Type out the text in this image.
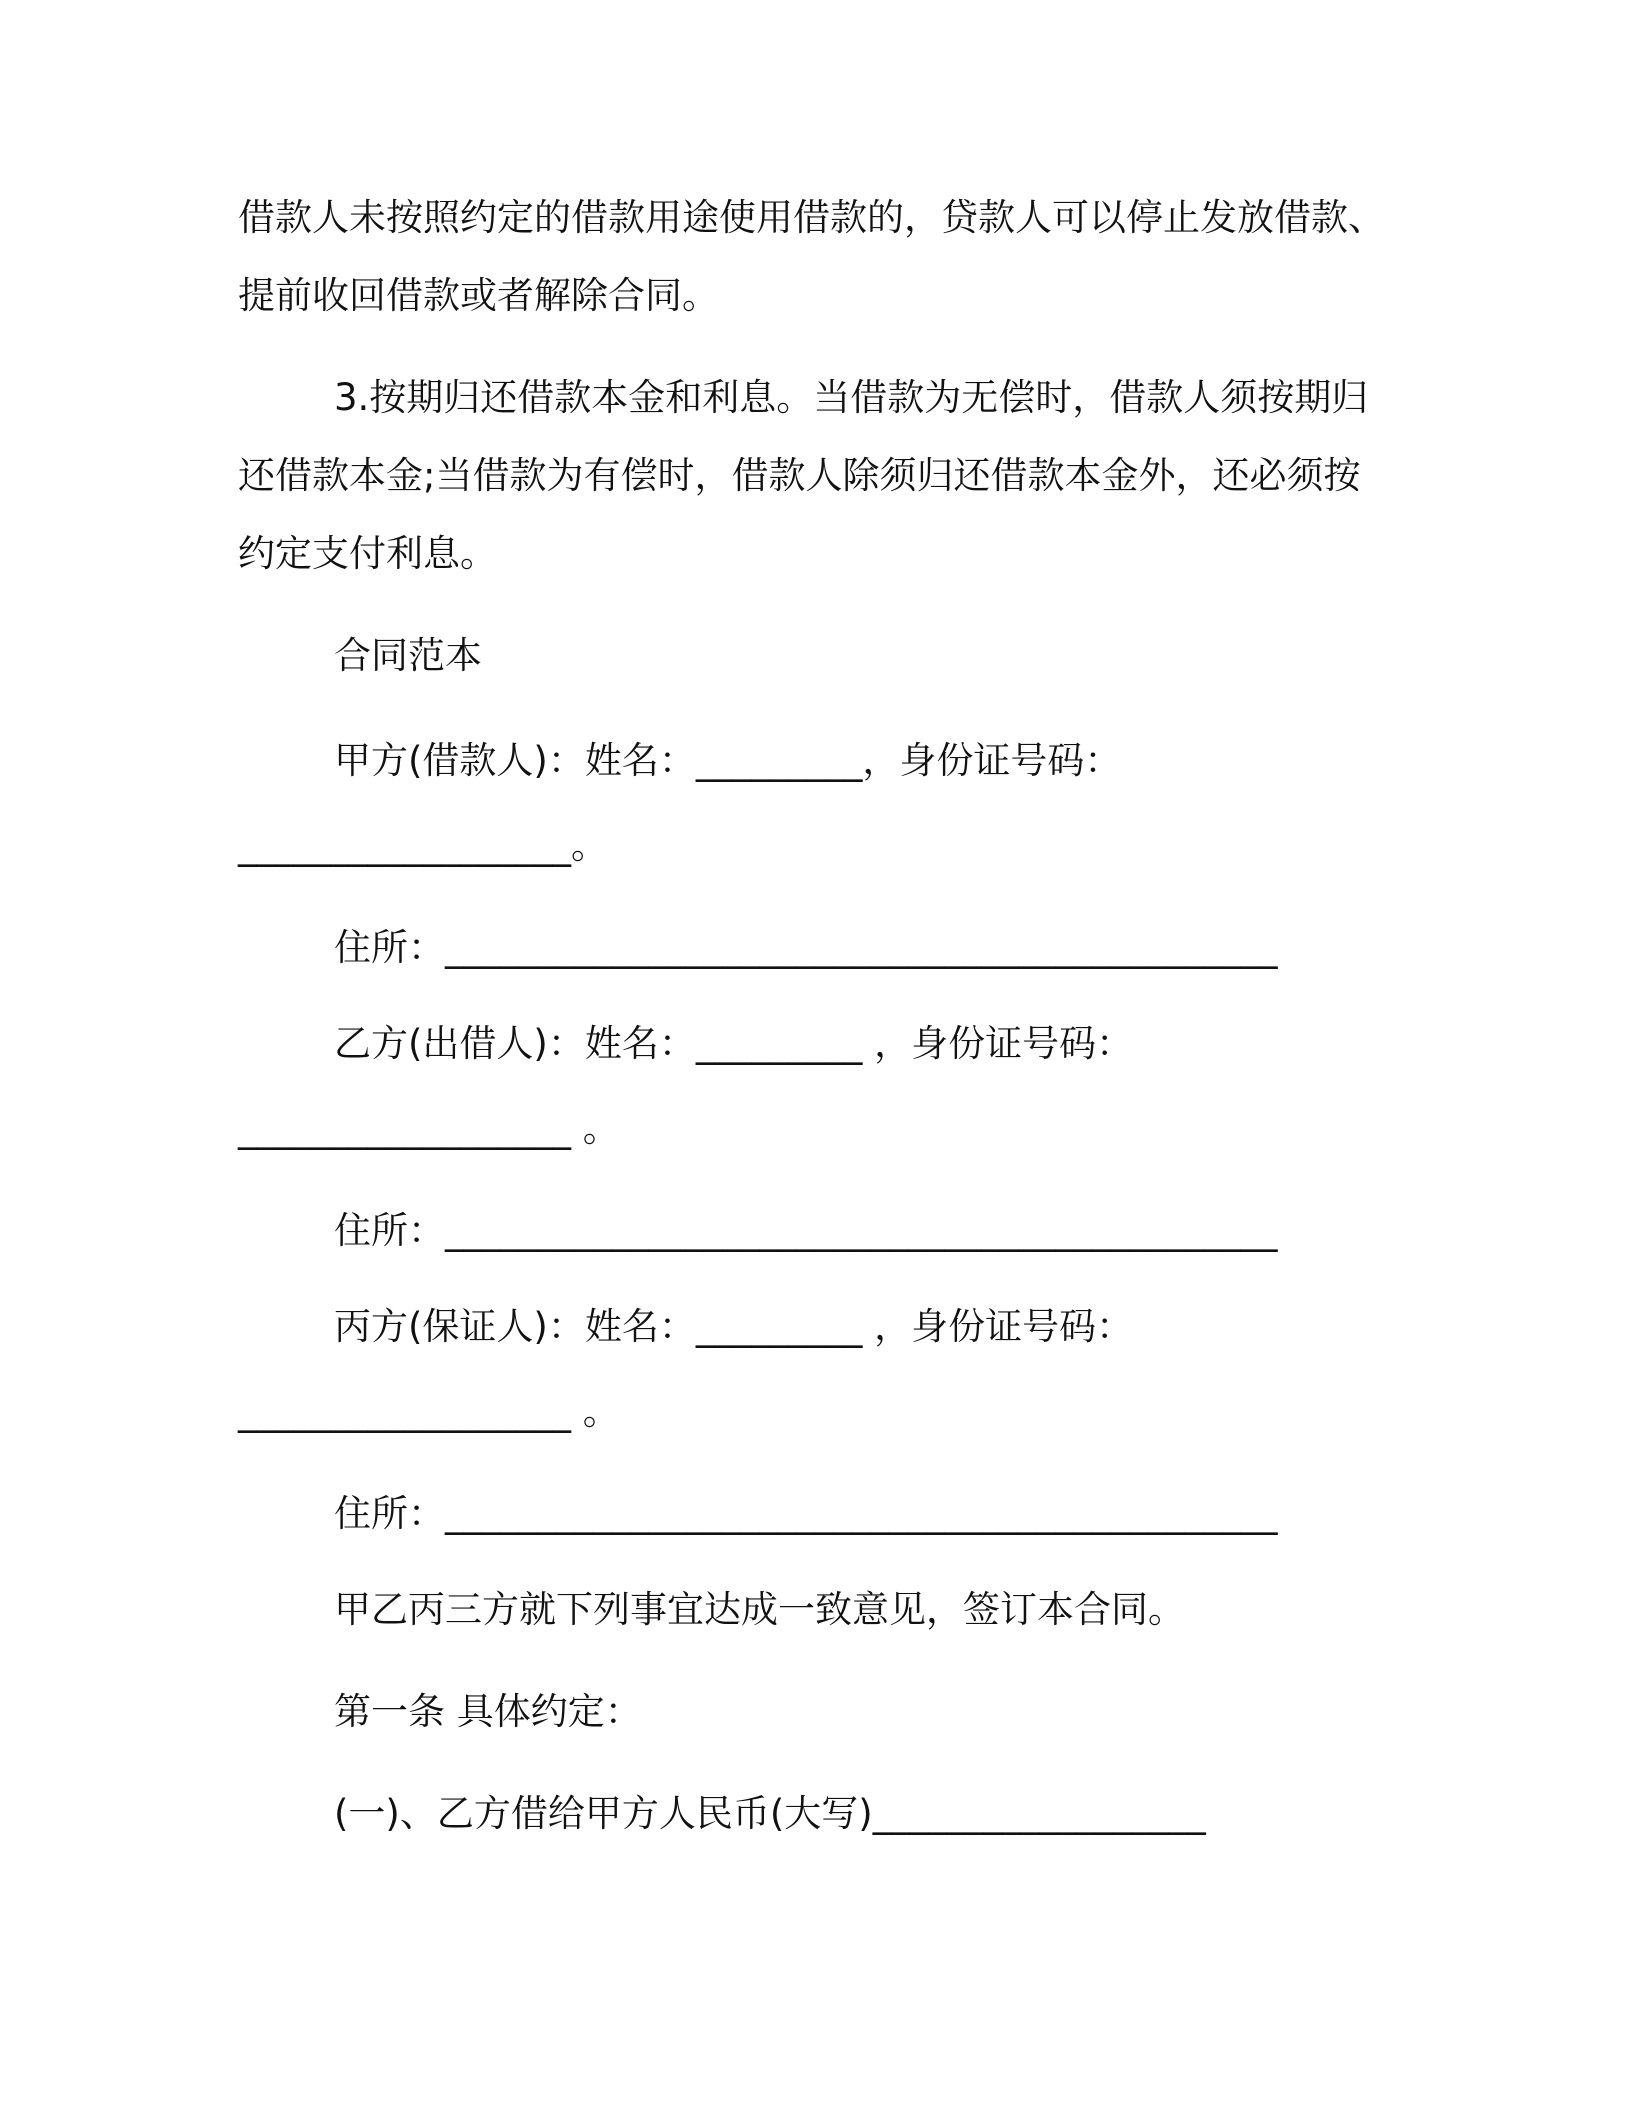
借款人未按照约定的借款用途使用借款的，贷款人可以停止发放借款、
提前收回借款或者解除合同。
3.按期归还借款本金和利息。当借款为无偿时，借款人须按期归
还借款本金;当借款为有偿时，借款人除须归还借款本金外，还必须按
约定支付利息。
合同范本
甲方(借款人)：姓名：_________，身份证号码：
__________________。
住所：_____________________________________________
乙方(出借人)：姓名：_________ ，身份证号码：
__________________ 。
住所：_____________________________________________
丙方(保证人)：姓名：_________ ，身份证号码：
__________________ 。
住所：_____________________________________________
甲乙丙三方就下列事宜达成一致意见，签订本合同。
第一条 具体约定：
(一)、乙方借给甲方人民币(大写)__________________
